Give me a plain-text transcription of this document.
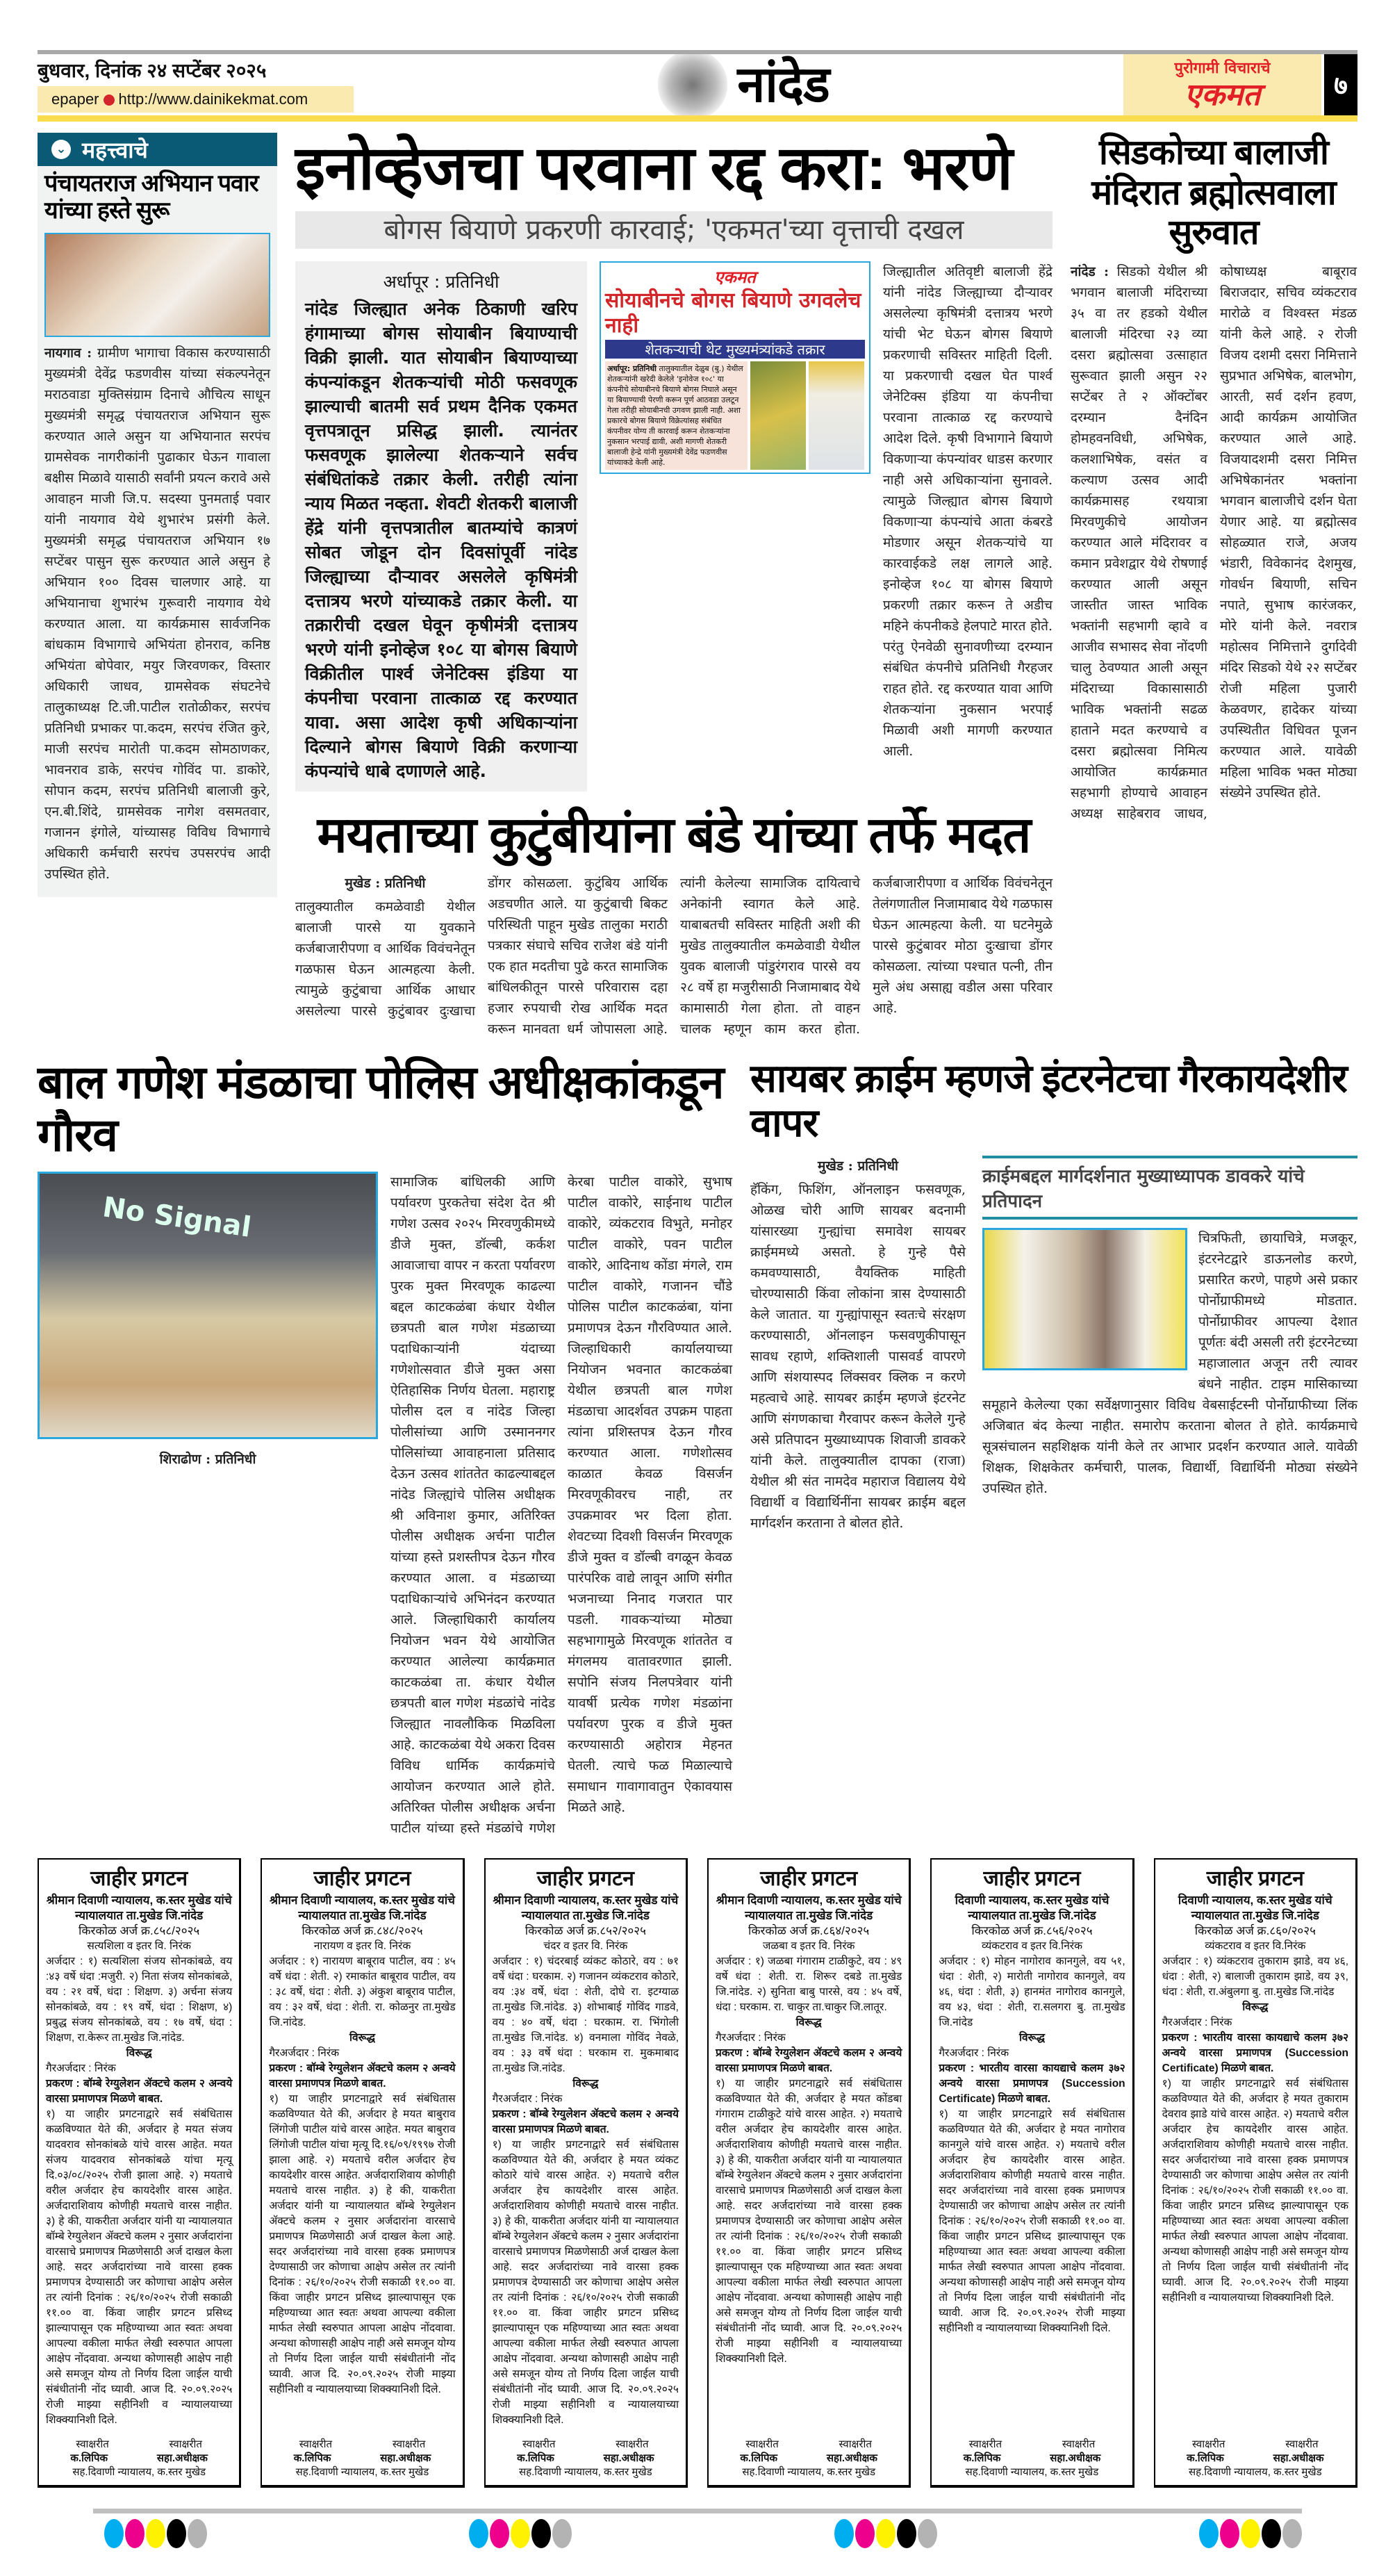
बुधवार, दिनांक २४ सप्टेंबर २०२५
epaper http://www.dainikekmat.com	नांदेड	पुरोगामी विचाराचे
एकमत	७
⌄ महत्त्वाचे
पंचायतराज अभियान पवार यांच्या हस्ते सुरू
नायगाव : ग्रामीण भागाचा विकास करण्यासाठी मुख्यमंत्री देवेंद्र फडणवीस यांच्या संकल्पनेतून मराठवाडा मुक्तिसंग्राम दिनाचे औचित्य साधून मुख्यमंत्री समृद्ध पंचायतराज अभियान सुरू करण्यात आले असुन या अभियानात सरपंच ग्रामसेवक नागरीकांनी पुढाकार घेऊन गावाला बक्षीस मिळावे यासाठी सर्वांनी प्रयत्न करावे असे आवाहन माजी जि.प. सदस्या पुनमताई पवार यांनी नायगाव येथे शुभारंभ प्रसंगी केले. मुख्यमंत्री समृद्ध पंचायतराज अभियान १७ सप्टेंबर पासुन सुरू करण्यात आले असुन हे अभियान १०० दिवस चालणार आहे. या अभियानाचा शुभारंभ गुरूवारी नायगाव येथे करण्यात आला. या कार्यक्रमास सार्वजनिक बांधकाम विभागाचे अभियंता होनराव, कनिष्ठ अभियंता बोपेवार, मयुर जिरवणकर, विस्तार अधिकारी जाधव, ग्रामसेवक संघटनेचे तालुकाध्यक्ष टि.जी.पाटील रातोळीकर, सरपंच प्रतिनिधी प्रभाकर पा.कदम, सरपंच रंजित कुरे, माजी सरपंच मारोती पा.कदम सोमठाणकर, भावनराव डाके, सरपंच गोविंद पा. डाकोरे, सोपान कदम, सरपंच प्रतिनिधी बालाजी कुरे, एन.बी.शिंदे, ग्रामसेवक नागेश वसमतवार, गजानन इंगोले, यांच्यासह विविध विभागाचे अधिकारी कर्मचारी सरपंच उपसरपंच आदी उपस्थित होते.
इनोव्हेजचा परवाना रद्द करा: भरणे
बोगस बियाणे प्रकरणी कारवाई; 'एकमत'च्या वृत्ताची दखल
अर्धापूर : प्रतिनिधी
नांदेड जिल्ह्यात अनेक ठिकाणी खरिप हंगामाच्या बोगस सोयाबीन बियाण्याची विक्री झाली. यात सोयाबीन बियाण्याच्या कंपन्यांकडून शेतकऱ्यांची मोठी फसवणूक झाल्याची बातमी सर्व प्रथम दैनिक एकमत वृत्तपत्रातून प्रसिद्ध झाली. त्यानंतर फसवणूक झालेल्या शेतकऱ्याने सर्वच संबंधितांकडे तक्रार केली. तरीही त्यांना न्याय मिळत नव्हता. शेवटी शेतकरी बालाजी हेंद्रे यांनी वृत्तपत्रातील बातम्यांचे कात्रणं सोबत जोडून दोन दिवसांपूर्वी नांदेड जिल्ह्याच्या दौऱ्यावर असलेले कृषिमंत्री दत्तात्रय भरणे यांच्याकडे तक्रार केली. या तक्रारीची दखल घेवून कृषीमंत्री दत्तात्रय भरणे यांनी इनोव्हेज १०८ या बोगस बियाणे विक्रीतील पार्श्व जेनेटिक्स इंडिया या कंपनीचा परवाना तात्काळ रद्द करण्यात यावा. असा आदेश कृषी अधिकाऱ्यांना दिल्याने बोगस बियाणे विक्री करणाऱ्या कंपन्यांचे धाबे दणाणले आहे.
एकमत
सोयाबीनचे बोगस बियाणे उगवलेच नाही
शेतकऱ्याची थेट मुख्यमंत्र्यांकडे तक्रार
अर्धापूर: प्रतिनिधी तालुक्यातील देळुब (बु.) येथील शेतकऱ्यांनी खरेदी केलेले 'इनोवेज १०८' या कंपनीचे सोयाबीनचे बियाणे बोगस निघाले असून या बियाण्याची पेरणी करून पूर्ण आठवडा उलटून गेला तरीही सोयाबीनची उगवण झाली नाही. अशा प्रकारचे बोगस बियाणे विक्रेत्यांसह संबंधित कंपनीवर योग्य ती कारवाई करून शेतकऱ्यांना नुकसान भरपाई द्यावी, अशी मागणी शेतकरी बालाजी हेन्द्रे यांनी मुख्यमंत्री देवेंद्र फडणवीस यांच्याकडे केली आहे.
जिल्ह्यातील अतिवृष्टी बालाजी हेंद्रे यांनी नांदेड जिल्ह्याच्या दौऱ्यावर असलेल्या कृषिमंत्री दत्तात्रय भरणे यांची भेट घेऊन बोगस बियाणे प्रकरणाची सविस्तर माहिती दिली. या प्रकरणाची दखल घेत पार्श्व जेनेटिक्स इंडिया या कंपनीचा परवाना तात्काळ रद्द करण्याचे आदेश दिले. कृषी विभागाने बियाणे विकणाऱ्या कंपन्यांवर धाडस करणार नाही असे अधिकाऱ्यांना सुनावले. त्यामुळे जिल्ह्यात बोगस बियाणे विकणाऱ्या कंपन्यांचे आता कंबरडे मोडणार असून शेतकऱ्यांचे या कारवाईकडे लक्ष लागले आहे. इनोव्हेज १०८ या बोगस बियाणे प्रकरणी तक्रार करून ते अडीच महिने कंपनीकडे हेलपाटे मारत होते. परंतु ऐनवेळी सुनावणीच्या दरम्यान संबंधित कंपनीचे प्रतिनिधी गैरहजर राहत होते. रद्द करण्यात यावा आणि शेतकऱ्यांना नुकसान भरपाई मिळावी अशी मागणी करण्यात आली.
मयताच्या कुटुंबीयांना बंडे यांच्या तर्फे मदत
मुखेड : प्रतिनिधी
तालुक्यातील कमळेवाडी येथील बालाजी पारसे या युवकाने कर्जबाजारीपणा व आर्थिक विवंचनेतून गळफास घेऊन आत्महत्या केली. त्यामुळे कुटुंबाचा आर्थिक आधार असलेल्या पारसे कुटुंबावर दुःखाचा डोंगर कोसळला. कुटुंबिय आर्थिक अडचणीत आले. या कुटुंबाची बिकट परिस्थिती पाहून मुखेड तालुका मराठी पत्रकार संघाचे सचिव राजेश बंडे यांनी एक हात मदतीचा पुढे करत सामाजिक बांधिलकीतून पारसे परिवारास दहा हजार रुपयाची रोख आर्थिक मदत करून मानवता धर्म जोपासला आहे. त्यांनी केलेल्या सामाजिक दायित्वाचे अनेकांनी स्वागत केले आहे. याबाबतची सविस्तर माहिती अशी की मुखेड तालुक्यातील कमळेवाडी येथील युवक बालाजी पांडुरंगराव पारसे वय २८ वर्षे हा मजुरीसाठी निजामाबाद येथे कामासाठी गेला होता. तो वाहन चालक म्हणून काम करत होता. कर्जबाजारीपणा व आर्थिक विवंचनेतून तेलंगणातील निजामाबाद येथे गळफास घेऊन आत्महत्या केली. या घटनेमुळे पारसे कुटुंबावर मोठा दुःखाचा डोंगर कोसळला. त्यांच्या पश्चात पत्नी, तीन मुले अंध असाह्य वडील असा परिवार आहे.
सिडकोच्या बालाजी मंदिरात ब्रह्मोत्सवाला सुरुवात
नांदेड : सिडको येथील श्री भगवान बालाजी मंदिराच्या ३५ वा तर हडको येथील बालाजी मंदिरचा २३ व्या दसरा ब्रह्मोत्सवा उत्साहात सुरूवात झाली असुन २२ सप्टेंबर ते २ ऑक्टोंबर दरम्यान दैनंदिन होमहवनविधी, अभिषेक, कलशाभिषेक, वसंत व कल्याण उत्सव आदी कार्यक्रमासह रथयात्रा मिरवणुकीचे आयोजन करण्यात आले मंदिरावर व कमान प्रवेशद्वार येथे रोषणाई करण्यात आली असून जास्तीत जास्त भाविक भक्तांनी सहभागी व्हावे व आजीव सभासद सेवा नोंदणी चालु ठेवण्यात आली असून मंदिराच्या विकासासाठी भाविक भक्तांनी सढळ हाताने मदत करण्याचे व दसरा ब्रह्मोत्सवा निमित्य आयोजित कार्यक्रमात सहभागी होण्याचे आवाहन अध्यक्ष साहेबराव जाधव, कोषाध्यक्ष बाबूराव बिराजदार, सचिव व्यंकटराव मारोळे व विश्वस्त मंडळ यांनी केले आहे. २ रोजी विजय दशमी दसरा निमित्ताने सुप्रभात अभिषेक, बालभोग, आरती, सर्व दर्शन हवण, आदी कार्यक्रम आयोजित करण्यात आले आहे. विजयादशमी दसरा निमित्त अभिषेकानंतर भक्तांना भगवान बालाजीचे दर्शन घेता येणार आहे. या ब्रह्मोत्सव सोहळ्यात राजे, अजय भंडारी, विवेकानंद देशमुख, गोवर्धन बियाणी, सचिन नपाते, सुभाष कारंजकर, मोरे यांनी केले. नवरात्र महोत्सव निमित्ताने दुर्गादेवी मंदिर सिडको येथे २२ सप्टेंबर रोजी महिला पुजारी केळवणर, हादेकर यांच्या उपस्थितीत विधिवत पूजन करण्यात आले. यावेळी महिला भाविक भक्त मोठ्या संख्येने उपस्थित होते.
बाल गणेश मंडळाचा पोलिस अधीक्षकांकडून गौरव
No Signal
शिराढोण : प्रतिनिधी
सामाजिक बांधिलकी आणि पर्यावरण पुरकतेचा संदेश देत श्री गणेश उत्सव २०२५ मिरवणुकीमध्ये डीजे मुक्त, डॉल्बी, कर्कश आवाजाचा वापर न करता पर्यावरण पुरक मुक्त मिरवणूक काढल्या बद्दल काटकळंबा कंधार येथील छत्रपती बाल गणेश मंडळाच्या पदाधिकाऱ्यांनी यंदाच्या गणेशोत्सवात डीजे मुक्त असा ऐतिहासिक निर्णय घेतला. महाराष्ट्र पोलीस दल व नांदेड जिल्हा पोलीसांच्या आणि उस्माननगर पोलिसांच्या आवाहनाला प्रतिसाद देऊन उत्सव शांततेत काढल्याबद्दल नांदेड जिल्ह्यांचे पोलिस अधीक्षक श्री अविनाश कुमार, अतिरिक्त पोलीस अधीक्षक अर्चना पाटील यांच्या हस्ते प्रशस्तीपत्र देऊन गौरव करण्यात आला. व मंडळाच्या पदाधिकाऱ्यांचे अभिनंदन करण्यात आले. जिल्हाधिकारी कार्यालय नियोजन भवन येथे आयोजित करण्यात आलेल्या कार्यक्रमात काटकळंबा ता. कंधार येथील छत्रपती बाल गणेश मंडळांचे नांदेड जिल्ह्यात नावलौकिक मिळविला आहे. काटकळंबा येथे अकरा दिवस विविध धार्मिक कार्यक्रमांचे आयोजन करण्यात आले होते. अतिरिक्त पोलीस अधीक्षक अर्चना पाटील यांच्या हस्ते मंडळांचे गणेश केरबा पाटील वाकोरे, सुभाष पाटील वाकोरे, साईनाथ पाटील वाकोरे, व्यंकटराव विभुते, मनोहर पाटील वाकोरे, पवन पाटील वाकोरे, आदिनाथ कोंडा मंगले, राम पाटील वाकोरे, गजानन चौंडे पोलिस पाटील काटकळंबा, यांना प्रमाणपत्र देऊन गौरविण्यात आले. जिल्हाधिकारी कार्यालयाच्या नियोजन भवनात काटकळंबा येथील छत्रपती बाल गणेश मंडळाचा आदर्शवत उपक्रम पाहता त्यांना प्रशिस्तपत्र देऊन गौरव करण्यात आला. गणेशोत्सव काळात केवळ विसर्जन मिरवणूकीवरच नाही, तर उपक्रमावर भर दिला होता. शेवटच्या दिवशी विसर्जन मिरवणूक डीजे मुक्त व डॉल्बी वगळून केवळ पारंपरिक वाद्ये लावून आणि संगीत भजनाच्या निनाद गजरात पार पडली. गावकऱ्यांच्या मोठ्या सहभागामुळे मिरवणूक शांततेत व मंगलमय वातावरणात झाली. सपोनि संजय निलपत्रेवार यांनी यावर्षी प्रत्येक गणेश मंडळांना पर्यावरण पुरक व डीजे मुक्त करण्यासाठी अहोरात्र मेहनत घेतली. त्याचे फळ मिळाल्याचे समाधान गावागावातुन ऐकावयास मिळते आहे.
सायबर क्राईम म्हणजे इंटरनेटचा गैरकायदेशीर वापर
मुखेड : प्रतिनिधी
हॅकिंग, फिशिंग, ऑनलाइन फसवणूक, ओळख चोरी आणि सायबर बदनामी यांसारख्या गुन्ह्यांचा समावेश सायबर क्राईममध्ये असतो. हे गुन्हे पैसे कमवण्यासाठी, वैयक्तिक माहिती चोरण्यासाठी किंवा लोकांना त्रास देण्यासाठी केले जातात. या गुन्ह्यांपासून स्वतःचे संरक्षण करण्यासाठी, ऑनलाइन फसवणुकीपासून सावध रहाणे, शक्तिशाली पासवर्ड वापरणे आणि संशयास्पद लिंक्सवर क्लिक न करणे महत्वाचे आहे. सायबर क्राईम म्हणजे इंटरनेट आणि संगणकाचा गैरवापर करून केलेले गुन्हे असे प्रतिपादन मुख्याध्यापक शिवाजी डावकरे यांनी केले. तालुक्यातील दापका (राजा) येथील श्री संत नामदेव महाराज विद्यालय येथे विद्यार्थी व विद्यार्थिनींना सायबर क्राईम बद्दल मार्गदर्शन करताना ते बोलत होते.
क्राईमबद्दल मार्गदर्शनात मुख्याध्यापक डावकरे यांचे प्रतिपादन
चित्रफिती, छायाचित्रे, मजकूर, इंटरनेटद्वारे डाऊनलोड करणे, प्रसारित करणे, पाहणे असे प्रकार पोर्नोग्राफीमध्ये मोडतात. पोर्नोग्राफीवर आपल्या देशात पूर्णतः बंदी असली तरी इंटरनेटच्या महाजालात अजून तरी त्यावर बंधने नाहीत. टाइम मासिकाच्या समूहाने केलेल्या एका सर्वेक्षणानुसार विविध वेबसाईटस्नी पोर्नोग्राफीच्या लिंक अजिबात बंद केल्या नाहीत. समारोप करताना बोलत ते होते. कार्यक्रमाचे सूत्रसंचालन सहशिक्षक यांनी केले तर आभार प्रदर्शन करण्यात आले. यावेळी शिक्षक, शिक्षकेतर कर्मचारी, पालक, विद्यार्थी, विद्यार्थिनी मोठ्या संख्येने उपस्थित होते.
जाहीर प्रगटन
श्रीमान दिवाणी न्यायालय, क.स्तर मुखेड यांचे न्यायालयात ता.मुखेड जि.नांदेड
किरकोळ अर्ज क्र.८५८/२०२५
सत्यशिला व इतर वि. निरंक
अर्जदार : १) सत्यशिला संजय सोनकांबळे, वय :४३ वर्षे धंदा :मजुरी. २) निता संजय सोनकांबळे, वय : २१ वर्षे, धंदा : शिक्षण. ३) अर्चना संजय सोनकांबळे, वय : १९ वर्षे, धंदा : शिक्षण, ४) प्रबुद्ध संजय सोनकांबळे, वय : १७ वर्षे, धंदा : शिक्षण, रा.केरूर ता.मुखेड जि.नांदेड.
विरूद्ध
गैरअर्जदार : निरंक
प्रकरण : बॉम्बे रेग्युलेशन ॲक्टचे कलम २ अन्वये वारसा प्रमाणपत्र मिळणे बाबत.
१) या जाहीर प्रगटनाद्वारे सर्व संबंधितास कळविण्यात येते की, अर्जदार हे मयत संजय यादवराव सोनकांबळे यांचे वारस आहेत. मयत संजय यादवराव सोनकांबळे यांचा मृत्यू दि.०३/०८/२०२५ रोजी झाला आहे. २) मयताचे वरील अर्जदार हेच कायदेशीर वारस आहेत. अर्जदाराशिवाय कोणीही मयताचे वारस नाहीत. ३) हे की, याकरीता अर्जदार यांनी या न्यायालयात बॉम्बे रेग्युलेशन ॲक्टचे कलम २ नुसार अर्जदारांना वारसाचे प्रमाणपत्र मिळणेसाठी अर्ज दाखल केला आहे. सदर अर्जदारांच्या नावे वारसा हक्क प्रमाणपत्र देण्यासाठी जर कोणाचा आक्षेप असेल तर त्यांनी दिनांक : २६/१०/२०२५ रोजी सकाळी ११.०० वा. किंवा जाहीर प्रगटन प्रसिध्द झाल्यापासून एक महिण्याच्या आत स्वतः अथवा आपल्या वकीला मार्फत लेखी स्वरुपात आपला आक्षेप नोंदवावा. अन्यथा कोणासही आक्षेप नाही असे समजून योग्य तो निर्णय दिला जाईल याची संबंधीतांनी नोंद घ्यावी. आज दि. २०.०९.२०२५ रोजी माझ्या सहीनिशी व न्यायालयाच्या शिक्क्यानिशी दिले.
स्वाक्षरीत	स्वाक्षरीत
क.लिपिक	सहा.अधीक्षक
सह.दिवाणी न्यायालय, क.स्तर मुखेड
जाहीर प्रगटन
श्रीमान दिवाणी न्यायालय, क.स्तर मुखेड यांचे न्यायालयात ता.मुखेड जि.नांदेड
किरकोळ अर्ज क्र.८४८/२०२५
नारायण व इतर वि. निरंक
अर्जदार : १) नारायण बाबूराव पाटील, वय : ४५ वर्षे धंदा : शेती. २) रमाकांत बाबूराव पाटील, वय : ३८ वर्षे, धंदा : शेती. ३) अंकुश बाबूराव पाटील, वय : ३२ वर्षे, धंदा : शेती. रा. कोळनुर ता.मुखेड जि.नांदेड.
विरूद्ध
गैरअर्जदार : निरंक
प्रकरण : बॉम्बे रेग्युलेशन ॲक्टचे कलम २ अन्वये वारसा प्रमाणपत्र मिळणे बाबत.
१) या जाहीर प्रगटनाद्वारे सर्व संबंधितास कळविण्यात येते की, अर्जदार हे मयत बाबुराव लिंगोजी पाटील यांचे वारस आहेत. मयत बाबुराव लिंगोजी पाटील यांचा मृत्यू दि.१६/०९/१९९७ रोजी झाला आहे. २) मयताचे वरील अर्जदार हेच कायदेशीर वारस आहेत. अर्जदाराशिवाय कोणीही मयताचे वारस नाहीत. ३) हे की, याकरीता अर्जदार यांनी या न्यायालयात बॉम्बे रेग्युलेशन ॲक्टचे कलम २ नुसार अर्जदारांना वारसाचे प्रमाणपत्र मिळणेसाठी अर्ज दाखल केला आहे. सदर अर्जदारांच्या नावे वारसा हक्क प्रमाणपत्र देण्यासाठी जर कोणाचा आक्षेप असेल तर त्यांनी दिनांक : २६/१०/२०२५ रोजी सकाळी ११.०० वा. किंवा जाहीर प्रगटन प्रसिध्द झाल्यापासून एक महिण्याच्या आत स्वतः अथवा आपल्या वकीला मार्फत लेखी स्वरुपात आपला आक्षेप नोंदवावा. अन्यथा कोणासही आक्षेप नाही असे समजून योग्य तो निर्णय दिला जाईल याची संबंधीतांनी नोंद घ्यावी. आज दि. २०.०९.२०२५ रोजी माझ्या सहीनिशी व न्यायालयाच्या शिक्क्यानिशी दिले.
स्वाक्षरीत	स्वाक्षरीत
क.लिपिक	सहा.अधीक्षक
सह.दिवाणी न्यायालय, क.स्तर मुखेड
जाहीर प्रगटन
श्रीमान दिवाणी न्यायालय, क.स्तर मुखेड यांचे न्यायालयात ता.मुखेड जि.नांदेड
किरकोळ अर्ज क्र.८५२/२०२५
चंदर व इतर वि. निरंक
अर्जदार : १) चंदरबाई व्यंकट कोठारे, वय : ७१ वर्षे धंदा : घरकाम. २) गजानन व्यंकटराव कोठारे, वय :३४ वर्षे, धंदा : शेती, दोघे रा. इटग्याळ ता.मुखेड जि.नांदेड. ३) शोभाबाई गोविंद गाडवे, वय : ४० वर्षे, धंदा : घरकाम. रा. भिंगोली ता.मुखेड जि.नांदेड. ४) वनमाला गोविंद नेवळे, वय : ३३ वर्षे धंदा : घरकाम रा. मुकमाबाद ता.मुखेड जि.नांदेड.
विरूद्ध
गैरअर्जदार : निरंक
प्रकरण : बॉम्बे रेग्युलेशन ॲक्टचे कलम २ अन्वये वारसा प्रमाणपत्र मिळणे बाबत.
१) या जाहीर प्रगटनाद्वारे सर्व संबंधितास कळविण्यात येते की, अर्जदार हे मयत व्यंकट कोठारे यांचे वारस आहेत. २) मयताचे वरील अर्जदार हेच कायदेशीर वारस आहेत. अर्जदाराशिवाय कोणीही मयताचे वारस नाहीत. ३) हे की, याकरीता अर्जदार यांनी या न्यायालयात बॉम्बे रेग्युलेशन ॲक्टचे कलम २ नुसार अर्जदारांना वारसाचे प्रमाणपत्र मिळणेसाठी अर्ज दाखल केला आहे. सदर अर्जदारांच्या नावे वारसा हक्क प्रमाणपत्र देण्यासाठी जर कोणाचा आक्षेप असेल तर त्यांनी दिनांक : २६/१०/२०२५ रोजी सकाळी ११.०० वा. किंवा जाहीर प्रगटन प्रसिध्द झाल्यापासून एक महिण्याच्या आत स्वतः अथवा आपल्या वकीला मार्फत लेखी स्वरुपात आपला आक्षेप नोंदवावा. अन्यथा कोणासही आक्षेप नाही असे समजून योग्य तो निर्णय दिला जाईल याची संबंधीतांनी नोंद घ्यावी. आज दि. २०.०९.२०२५ रोजी माझ्या सहीनिशी व न्यायालयाच्या शिक्क्यानिशी दिले.
स्वाक्षरीत	स्वाक्षरीत
क.लिपिक	सहा.अधीक्षक
सह.दिवाणी न्यायालय, क.स्तर मुखेड
जाहीर प्रगटन
श्रीमान दिवाणी न्यायालय, क.स्तर मुखेड यांचे न्यायालयात ता.मुखेड जि.नांदेड
किरकोळ अर्ज क्र.८६४/२०२५
जळबा व इतर वि. निरंक
अर्जदार : १) जळबा गंगाराम टाळीकुटे, वय : ४९ वर्षे धंदा : शेती. रा. शिरूर दबडे ता.मुखेड जि.नांदेड. २) सुनिता बाबु पारसे, वय : ४५ वर्षे, धंदा : घरकाम. रा. चाकुर ता.चाकुर जि.लातूर.
विरूद्ध
गैरअर्जदार : निरंक
प्रकरण : बॉम्बे रेग्युलेशन ॲक्टचे कलम २ अन्वये वारसा प्रमाणपत्र मिळणे बाबत.
१) या जाहीर प्रगटनाद्वारे सर्व संबंधितास कळविण्यात येते की, अर्जदार हे मयत कोंडबा गंगाराम टाळीकुटे यांचे वारस आहेत. २) मयताचे वरील अर्जदार हेच कायदेशीर वारस आहेत. अर्जदाराशिवाय कोणीही मयताचे वारस नाहीत. ३) हे की, याकरीता अर्जदार यांनी या न्यायालयात बॉम्बे रेग्युलेशन ॲक्टचे कलम २ नुसार अर्जदारांना वारसाचे प्रमाणपत्र मिळणेसाठी अर्ज दाखल केला आहे. सदर अर्जदारांच्या नावे वारसा हक्क प्रमाणपत्र देण्यासाठी जर कोणाचा आक्षेप असेल तर त्यांनी दिनांक : २६/१०/२०२५ रोजी सकाळी ११.०० वा. किंवा जाहीर प्रगटन प्रसिध्द झाल्यापासून एक महिण्याच्या आत स्वतः अथवा आपल्या वकीला मार्फत लेखी स्वरुपात आपला आक्षेप नोंदवावा. अन्यथा कोणासही आक्षेप नाही असे समजून योग्य तो निर्णय दिला जाईल याची संबंधीतांनी नोंद घ्यावी. आज दि. २०.०९.२०२५ रोजी माझ्या सहीनिशी व न्यायालयाच्या शिक्क्यानिशी दिले.
स्वाक्षरीत	स्वाक्षरीत
क.लिपिक	सहा.अधीक्षक
सह.दिवाणी न्यायालय, क.स्तर मुखेड
जाहीर प्रगटन
दिवाणी न्यायालय, क.स्तर मुखेड यांचे न्यायालयात ता.मुखेड जि.नांदेड
किरकोळ अर्ज क्र.८५६/२०२५
व्यंकटराव व इतर वि.निरंक
अर्जदार : १) मोहन नागोराव कानगुले, वय ५१, धंदा : शेती, २) मारोती नागोराव कानगुले, वय ४६, धंदा : शेती, ३) हानमंत नागोराव कानगुले, वय ४३, धंदा : शेती, रा.सलगरा बु. ता.मुखेड जि.नांदेड
विरूद्ध
गैरअर्जदार : निरंक
प्रकरण : भारतीय वारसा कायद्याचे कलम ३७२ अन्वये वारसा प्रमाणपत्र (Succession Certificate) मिळणे बाबत.
१) या जाहीर प्रगटनाद्वारे सर्व संबंधितास कळविण्यात येते की, अर्जदार हे मयत नागोराव कानगुले यांचे वारस आहेत. २) मयताचे वरील अर्जदार हेच कायदेशीर वारस आहेत. अर्जदाराशिवाय कोणीही मयताचे वारस नाहीत. सदर अर्जदारांच्या नावे वारसा हक्क प्रमाणपत्र देण्यासाठी जर कोणाचा आक्षेप असेल तर त्यांनी दिनांक : २६/१०/२०२५ रोजी सकाळी ११.०० वा. किंवा जाहीर प्रगटन प्रसिध्द झाल्यापासून एक महिण्याच्या आत स्वतः अथवा आपल्या वकीला मार्फत लेखी स्वरुपात आपला आक्षेप नोंदवावा. अन्यथा कोणासही आक्षेप नाही असे समजून योग्य तो निर्णय दिला जाईल याची संबंधीतांनी नोंद घ्यावी. आज दि. २०.०९.२०२५ रोजी माझ्या सहीनिशी व न्यायालयाच्या शिक्क्यानिशी दिले.
स्वाक्षरीत	स्वाक्षरीत
क.लिपिक	सहा.अधीक्षक
सह.दिवाणी न्यायालय, क.स्तर मुखेड
जाहीर प्रगटन
दिवाणी न्यायालय, क.स्तर मुखेड यांचे न्यायालयात ता.मुखेड जि.नांदेड
किरकोळ अर्ज क्र.८६०/२०२५
व्यंकटराव व इतर वि.निरंक
अर्जदार : १) व्यंकटराव तुकाराम झाडे, वय ४६, धंदा : शेती, २) बालाजी तुकाराम झाडे, वय ३९, धंदा : शेती, रा.अंबुलगा बु. ता.मुखेड जि.नांदेड
विरूद्ध
गैरअर्जदार : निरंक
प्रकरण : भारतीय वारसा कायद्याचे कलम ३७२ अन्वये वारसा प्रमाणपत्र (Succession Certificate) मिळणे बाबत.
१) या जाहीर प्रगटनाद्वारे सर्व संबंधितास कळविण्यात येते की, अर्जदार हे मयत तुकाराम देवराव झाडे यांचे वारस आहेत. २) मयताचे वरील अर्जदार हेच कायदेशीर वारस आहेत. अर्जदाराशिवाय कोणीही मयताचे वारस नाहीत. सदर अर्जदारांच्या नावे वारसा हक्क प्रमाणपत्र देण्यासाठी जर कोणाचा आक्षेप असेल तर त्यांनी दिनांक : २६/१०/२०२५ रोजी सकाळी ११.०० वा. किंवा जाहीर प्रगटन प्रसिध्द झाल्यापासून एक महिण्याच्या आत स्वतः अथवा आपल्या वकीला मार्फत लेखी स्वरुपात आपला आक्षेप नोंदवावा. अन्यथा कोणासही आक्षेप नाही असे समजून योग्य तो निर्णय दिला जाईल याची संबंधीतांनी नोंद घ्यावी. आज दि. २०.०९.२०२५ रोजी माझ्या सहीनिशी व न्यायालयाच्या शिक्क्यानिशी दिले.
स्वाक्षरीत	स्वाक्षरीत
क.लिपिक	सहा.अधीक्षक
सह.दिवाणी न्यायालय, क.स्तर मुखेड
